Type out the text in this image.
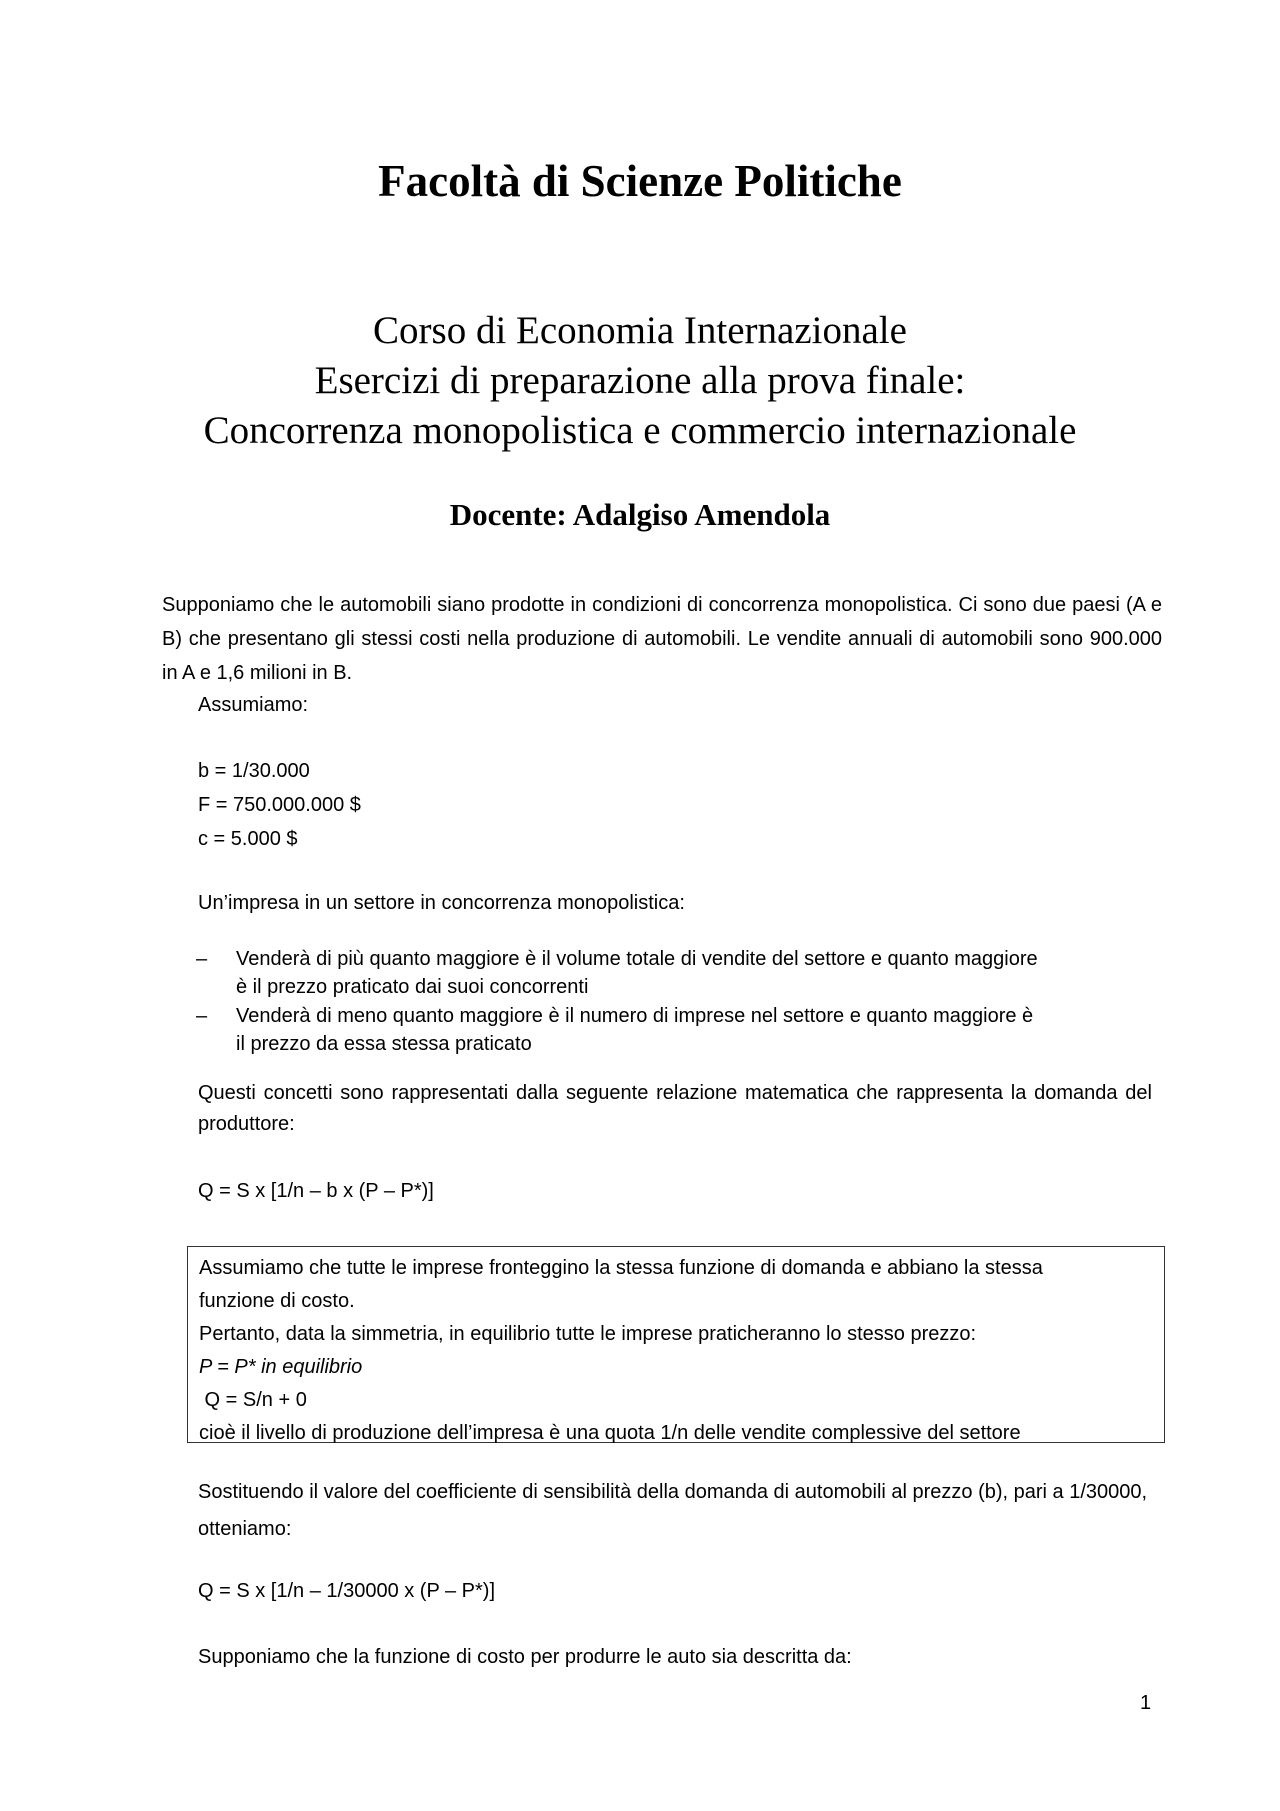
Facoltà di Scienze Politiche
Corso di Economia Internazionale
Esercizi di preparazione alla prova finale:
Concorrenza monopolistica e commercio internazionale
Docente: Adalgiso Amendola
Supponiamo che le automobili siano prodotte in condizioni di concorrenza monopolistica. Ci sono due paesi (A e B) che presentano gli stessi costi nella produzione di automobili. Le vendite annuali di automobili sono 900.000 in A e 1,6 milioni in B.
Assumiamo:
b = 1/30.000
F = 750.000.000 $
c = 5.000 $
Un’impresa in un settore in concorrenza monopolistica:
– Venderà di più quanto maggiore è il volume totale di vendite del settore e quanto maggiore
è il prezzo praticato dai suoi concorrenti
– Venderà di meno quanto maggiore è il numero di imprese nel settore e quanto maggiore è
il prezzo da essa stessa praticato
Questi concetti sono rappresentati dalla seguente relazione matematica che rappresenta la domanda del produttore:
Q = S x [1/n – b x (P – P*)]
Assumiamo che tutte le imprese fronteggino la stessa funzione di domanda e abbiano la stessa
funzione di costo.
Pertanto, data la simmetria, in equilibrio tutte le imprese praticheranno lo stesso prezzo:
P = P* in equilibrio
Q = S/n + 0
cioè il livello di produzione dell’impresa è una quota 1/n delle vendite complessive del settore
Sostituendo il valore del coefficiente di sensibilità della domanda di automobili al prezzo (b), pari a 1/30000, otteniamo:
Q = S x [1/n – 1/30000 x (P – P*)]
Supponiamo che la funzione di costo per produrre le auto sia descritta da:
1
